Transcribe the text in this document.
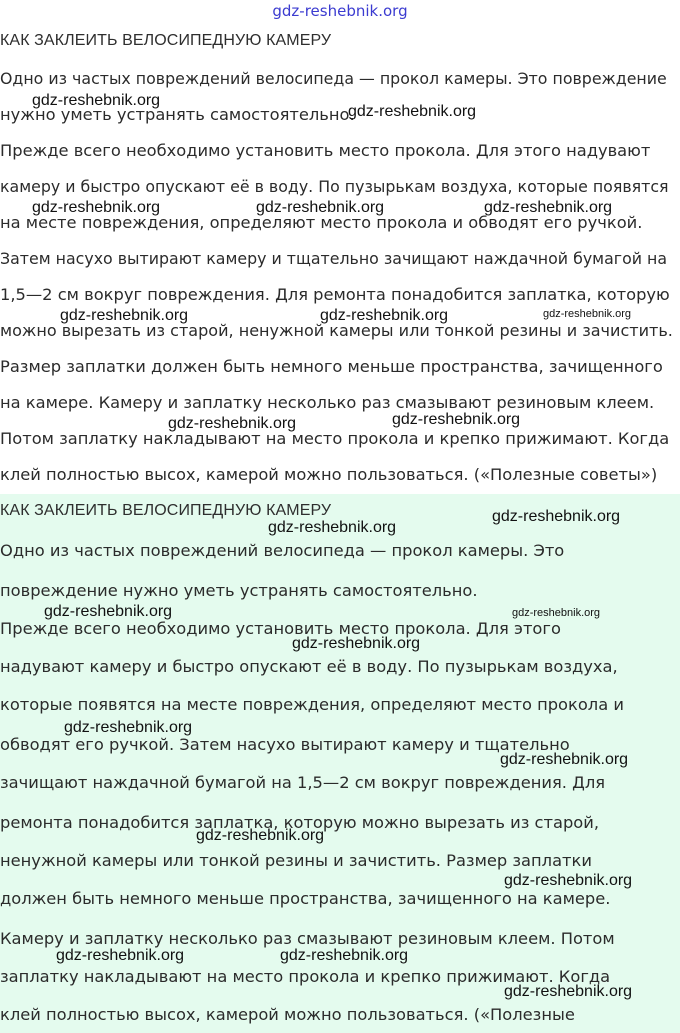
gdz-reshebnik.org
КАК ЗАКЛЕИТЬ ВЕЛОСИПЕДНУЮ КАМЕРУ

Одно из частых повреждений велосипеда — прокол камеры. Это повреждение

нужно уметь устранять самостоятельно.

Прежде всего необходимо установить место прокола. Для этого надувают

камеру и быстро опускают её в воду. По пузырькам воздуха, которые появятся

на месте повреждения, определяют место прокола и обводят его ручкой.

Затем насухо вытирают камеру и тщательно зачищают наждачной бумагой на

1,5—2 см вокруг повреждения. Для ремонта понадобится заплатка, которую

можно вырезать из старой, ненужной камеры или тонкой резины и зачистить.

Размер заплатки должен быть немного меньше пространства, зачищенного

на камере. Камеру и заплатку несколько раз смазывают резиновым клеем.

Потом заплатку накладывают на место прокола и крепко прижимают. Когда

клей полностью высох, камерой можно пользоваться. («Полезные советы»)

КАК ЗАКЛЕИТЬ ВЕЛОСИПЕДНУЮ КАМЕРУ

Одно из частых повреждений велосипеда — прокол камеры. Это

повреждение нужно уметь устранять самостоятельно.

Прежде всего необходимо установить место прокола. Для этого

надувают камеру и быстро опускают её в воду. По пузырькам воздуха,

которые появятся на месте повреждения, определяют место прокола и

обводят его ручкой. Затем насухо вытирают камеру и тщательно

зачищают наждачной бумагой на 1,5—2 см вокруг повреждения. Для

ремонта понадобится заплатка, которую можно вырезать из старой,

ненужной камеры или тонкой резины и зачистить. Размер заплатки

должен быть немного меньше пространства, зачищенного на камере.

Камеру и заплатку несколько раз смазывают резиновым клеем. Потом

заплатку накладывают на место прокола и крепко прижимают. Когда

клей полностью высох, камерой можно пользоваться. («Полезные

gdz-reshebnik.org
gdz-reshebnik.org
gdz-reshebnik.org	gdz-reshebnik.org	gdz-reshebnik.org
gdz-reshebnik.org	gdz-reshebnik.org	gdz-reshebnik.org
gdz-reshebnik.org	gdz-reshebnik.org
gdz-reshebnik.org
gdz-reshebnik.org
gdz-reshebnik.org	gdz-reshebnik.org
gdz-reshebnik.org
gdz-reshebnik.org
gdz-reshebnik.org
gdz-reshebnik.org
gdz-reshebnik.org
gdz-reshebnik.org	gdz-reshebnik.org
gdz-reshebnik.org
